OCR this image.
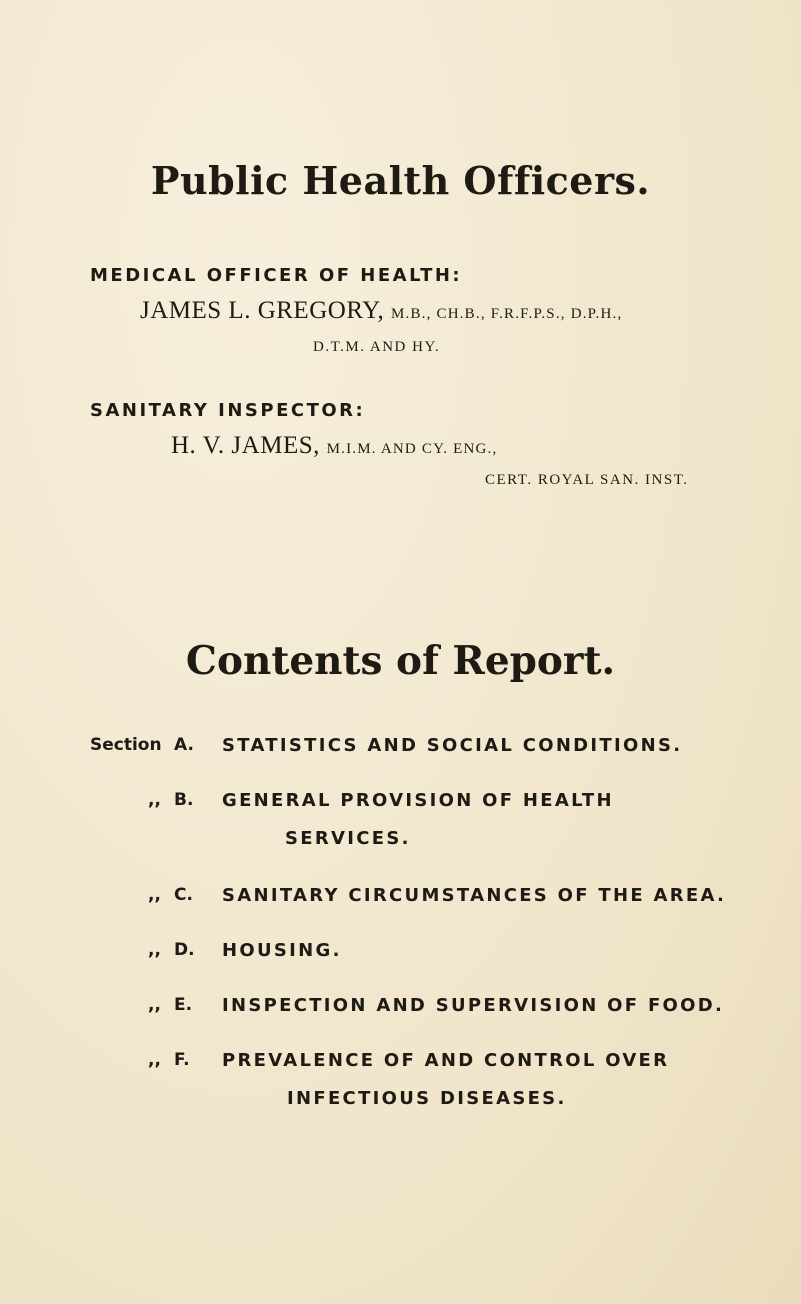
Public Health Officers.
MEDICAL OFFICER OF HEALTH:
JAMES L. GREGORY, M.B., CH.B., F.R.F.P.S., D.P.H.,
D.T.M. AND HY.
SANITARY INSPECTOR:
H. V. JAMES, M.I.M. AND CY. ENG.,
CERT. ROYAL SAN. INST.
Contents of Report.
Section A. STATISTICS AND SOCIAL CONDITIONS.
,, B. GENERAL PROVISION OF HEALTH
SERVICES.
,, C. SANITARY CIRCUMSTANCES OF THE AREA.
,, D. HOUSING.
,, E. INSPECTION AND SUPERVISION OF FOOD.
,, F. PREVALENCE OF AND CONTROL OVER
INFECTIOUS DISEASES.
